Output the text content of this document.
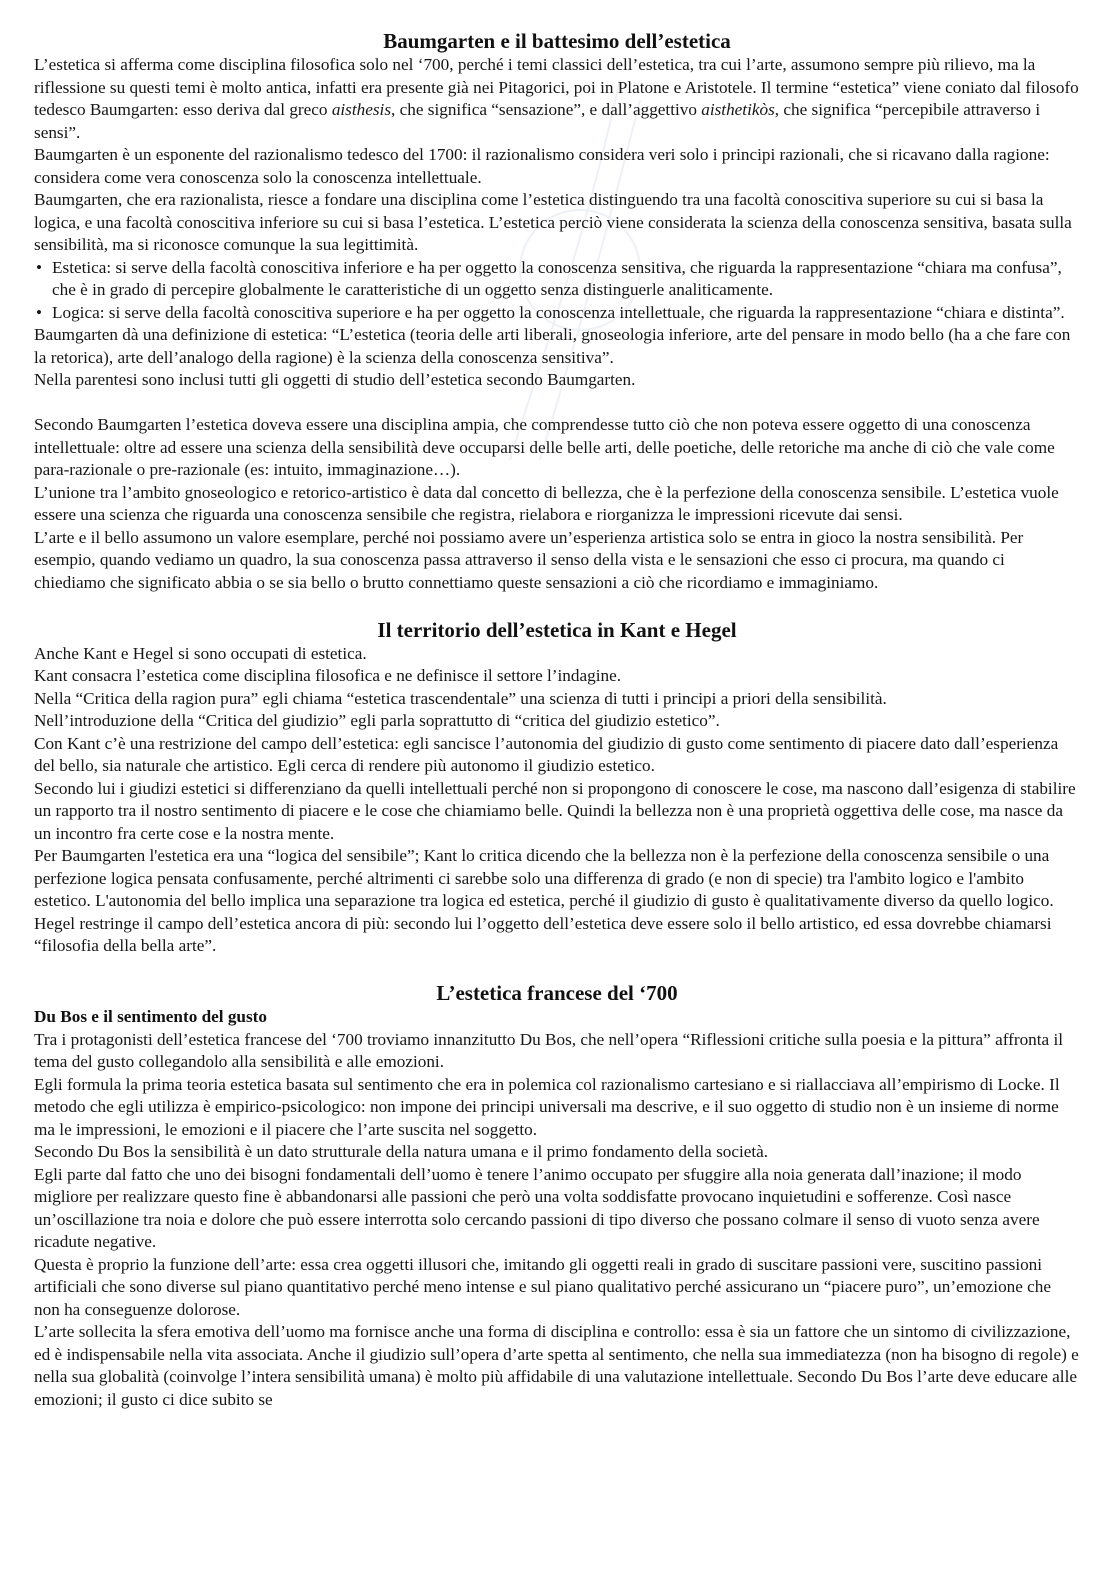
Baumgarten e il battesimo dell’estetica

L’estetica si afferma come disciplina filosofica solo nel ‘700, perché i temi classici dell’estetica, tra cui l’arte, assumono sempre più rilievo, ma la riflessione su questi temi è molto antica, infatti era presente già nei Pitagorici, poi in Platone e Aristotele. Il termine “estetica” viene coniato dal filosofo tedesco Baumgarten: esso deriva dal greco aisthesis, che significa “sensazione”, e dall’aggettivo aisthetikòs, che significa “percepibile attraverso i sensi”.

Baumgarten è un esponente del razionalismo tedesco del 1700: il razionalismo considera veri solo i principi razionali, che si ricavano dalla ragione: considera come vera conoscenza solo la conoscenza intellettuale.

Baumgarten, che era razionalista, riesce a fondare una disciplina come l’estetica distinguendo tra una facoltà conoscitiva superiore su cui si basa la logica, e una facoltà conoscitiva inferiore su cui si basa l’estetica. L’estetica perciò viene considerata la scienza della conoscenza sensitiva, basata sulla sensibilità, ma si riconosce comunque la sua legittimità.

• Estetica: si serve della facoltà conoscitiva inferiore e ha per oggetto la conoscenza sensitiva, che riguarda la rappresentazione “chiara ma confusa”, che è in grado di percepire globalmente le caratteristiche di un oggetto senza distinguerle analiticamente.
• Logica: si serve della facoltà conoscitiva superiore e ha per oggetto la conoscenza intellettuale, che riguarda la rappresentazione “chiara e distinta”.

Baumgarten dà una definizione di estetica: “L’estetica (teoria delle arti liberali, gnoseologia inferiore, arte del pensare in modo bello (ha a che fare con la retorica), arte dell’analogo della ragione) è la scienza della conoscenza sensitiva”.

Nella parentesi sono inclusi tutti gli oggetti di studio dell’estetica secondo Baumgarten.

Secondo Baumgarten l’estetica doveva essere una disciplina ampia, che comprendesse tutto ciò che non poteva essere oggetto di una conoscenza intellettuale: oltre ad essere una scienza della sensibilità deve occuparsi delle belle arti, delle poetiche, delle retoriche ma anche di ciò che vale come para-razionale o pre-razionale (es: intuito, immaginazione…).

L’unione tra l’ambito gnoseologico e retorico-artistico è data dal concetto di bellezza, che è la perfezione della conoscenza sensibile. L’estetica vuole essere una scienza che riguarda una conoscenza sensibile che registra, rielabora e riorganizza le impressioni ricevute dai sensi.

L’arte e il bello assumono un valore esemplare, perché noi possiamo avere un’esperienza artistica solo se entra in gioco la nostra sensibilità. Per esempio, quando vediamo un quadro, la sua conoscenza passa attraverso il senso della vista e le sensazioni che esso ci procura, ma quando ci chiediamo che significato abbia o se sia bello o brutto connettiamo queste sensazioni a ciò che ricordiamo e immaginiamo.

Il territorio dell’estetica in Kant e Hegel

Anche Kant e Hegel si sono occupati di estetica.

Kant consacra l’estetica come disciplina filosofica e ne definisce il settore l’indagine.

Nella “Critica della ragion pura” egli chiama “estetica trascendentale” una scienza di tutti i principi a priori della sensibilità.

Nell’introduzione della “Critica del giudizio” egli parla soprattutto di “critica del giudizio estetico”.

Con Kant c’è una restrizione del campo dell’estetica: egli sancisce l’autonomia del giudizio di gusto come sentimento di piacere dato dall’esperienza del bello, sia naturale che artistico. Egli cerca di rendere più autonomo il giudizio estetico.

Secondo lui i giudizi estetici si differenziano da quelli intellettuali perché non si propongono di conoscere le cose, ma nascono dall’esigenza di stabilire un rapporto tra il nostro sentimento di piacere e le cose che chiamiamo belle. Quindi la bellezza non è una proprietà oggettiva delle cose, ma nasce da un incontro fra certe cose e la nostra mente.

Per Baumgarten l'estetica era una “logica del sensibile”; Kant lo critica dicendo che la bellezza non è la perfezione della conoscenza sensibile o una perfezione logica pensata confusamente, perché altrimenti ci sarebbe solo una differenza di grado (e non di specie) tra l'ambito logico e l'ambito estetico. L'autonomia del bello implica una separazione tra logica ed estetica, perché il giudizio di gusto è qualitativamente diverso da quello logico.

Hegel restringe il campo dell’estetica ancora di più: secondo lui l’oggetto dell’estetica deve essere solo il bello artistico, ed essa dovrebbe chiamarsi “filosofia della bella arte”.

L’estetica francese del ‘700
Du Bos e il sentimento del gusto

Tra i protagonisti dell’estetica francese del ‘700 troviamo innanzitutto Du Bos, che nell’opera “Riflessioni critiche sulla poesia e la pittura” affronta il tema del gusto collegandolo alla sensibilità e alle emozioni.

Egli formula la prima teoria estetica basata sul sentimento che era in polemica col razionalismo cartesiano e si riallacciava all’empirismo di Locke. Il metodo che egli utilizza è empirico-psicologico: non impone dei principi universali ma descrive, e il suo oggetto di studio non è un insieme di norme ma le impressioni, le emozioni e il piacere che l’arte suscita nel soggetto.

Secondo Du Bos la sensibilità è un dato strutturale della natura umana e il primo fondamento della società.

Egli parte dal fatto che uno dei bisogni fondamentali dell’uomo è tenere l’animo occupato per sfuggire alla noia generata dall’inazione; il modo migliore per realizzare questo fine è abbandonarsi alle passioni che però una volta soddisfatte provocano inquietudini e sofferenze. Così nasce un’oscillazione tra noia e dolore che può essere interrotta solo cercando passioni di tipo diverso che possano colmare il senso di vuoto senza avere ricadute negative.

Questa è proprio la funzione dell’arte: essa crea oggetti illusori che, imitando gli oggetti reali in grado di suscitare passioni vere, suscitino passioni artificiali che sono diverse sul piano quantitativo perché meno intense e sul piano qualitativo perché assicurano un “piacere puro”, un’emozione che non ha conseguenze dolorose.

L’arte sollecita la sfera emotiva dell’uomo ma fornisce anche una forma di disciplina e controllo: essa è sia un fattore che un sintomo di civilizzazione, ed è indispensabile nella vita associata. Anche il giudizio sull’opera d’arte spetta al sentimento, che nella sua immediatezza (non ha bisogno di regole) e nella sua globalità (coinvolge l’intera sensibilità umana) è molto più affidabile di una valutazione intellettuale. Secondo Du Bos l’arte deve educare alle emozioni; il gusto ci dice subito se
